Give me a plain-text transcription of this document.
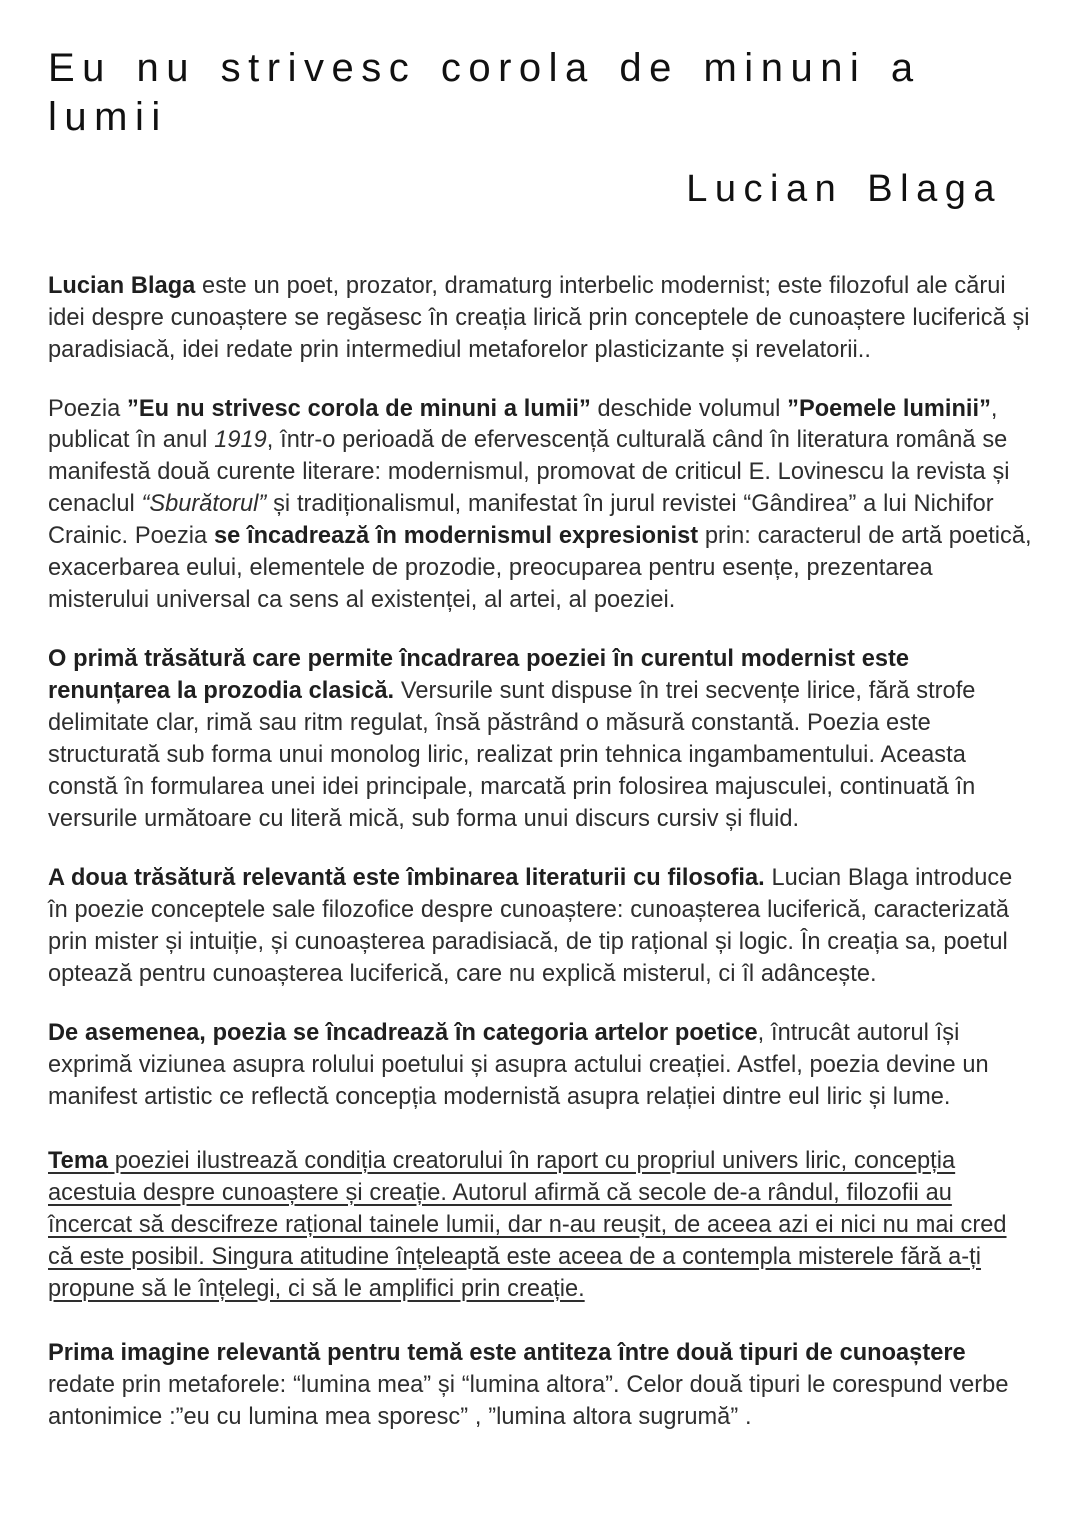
Eu nu strivesc corola de minuni a lumii
Lucian Blaga

Lucian Blaga este un poet, prozator, dramaturg interbelic modernist; este filozoful ale cărui idei despre cunoaștere se regăsesc în creația lirică prin conceptele de cunoaștere luciferică și paradisiacă, idei redate prin intermediul metaforelor plasticizante și revelatorii..

Poezia ”Eu nu strivesc corola de minuni a lumii” deschide volumul ”Poemele luminii”, publicat în anul 1919, într-o perioadă de efervescență culturală când în literatura română se manifestă două curente literare: modernismul, promovat de criticul E. Lovinescu la revista și cenaclul “Sburătorul” și tradiționalismul, manifestat în jurul revistei “Gândirea” a lui Nichifor Crainic. Poezia se încadrează în modernismul expresionist prin: caracterul de artă poetică, exacerbarea eului, elementele de prozodie, preocuparea pentru esențe, prezentarea misterului universal ca sens al existenței, al artei, al poeziei.

O primă trăsătură care permite încadrarea poeziei în curentul modernist este renunțarea la prozodia clasică. Versurile sunt dispuse în trei secvențe lirice, fără strofe delimitate clar, rimă sau ritm regulat, însă păstrând o măsură constantă. Poezia este structurată sub forma unui monolog liric, realizat prin tehnica ingambamentului. Aceasta constă în formularea unei idei principale, marcată prin folosirea majusculei, continuată în versurile următoare cu literă mică, sub forma unui discurs cursiv și fluid.

A doua trăsătură relevantă este îmbinarea literaturii cu filosofia. Lucian Blaga introduce în poezie conceptele sale filozofice despre cunoaștere: cunoașterea luciferică, caracterizată prin mister și intuiție, și cunoașterea paradisiacă, de tip rațional și logic. În creația sa, poetul optează pentru cunoașterea luciferică, care nu explică misterul, ci îl adâncește.

De asemenea, poezia se încadrează în categoria artelor poetice, întrucât autorul își exprimă viziunea asupra rolului poetului și asupra actului creației. Astfel, poezia devine un manifest artistic ce reflectă concepția modernistă asupra relației dintre eul liric și lume.

Tema poeziei ilustrează condiția creatorului în raport cu propriul univers liric, concepția acestuia despre cunoaștere și creație. Autorul afirmă că secole de-a rândul, filozofii au încercat să descifreze rațional tainele lumii, dar n-au reușit, de aceea azi ei nici nu mai cred că este posibil. Singura atitudine înțeleaptă este aceea de a contempla misterele fără a-ți propune să le înțelegi, ci să le amplifici prin creație.

Prima imagine relevantă pentru temă este antiteza între două tipuri de cunoaștere redate prin metaforele: “lumina mea” și “lumina altora”. Celor două tipuri le corespund verbe antonimice :”eu cu lumina mea sporesc” , ”lumina altora sugrumă” .
